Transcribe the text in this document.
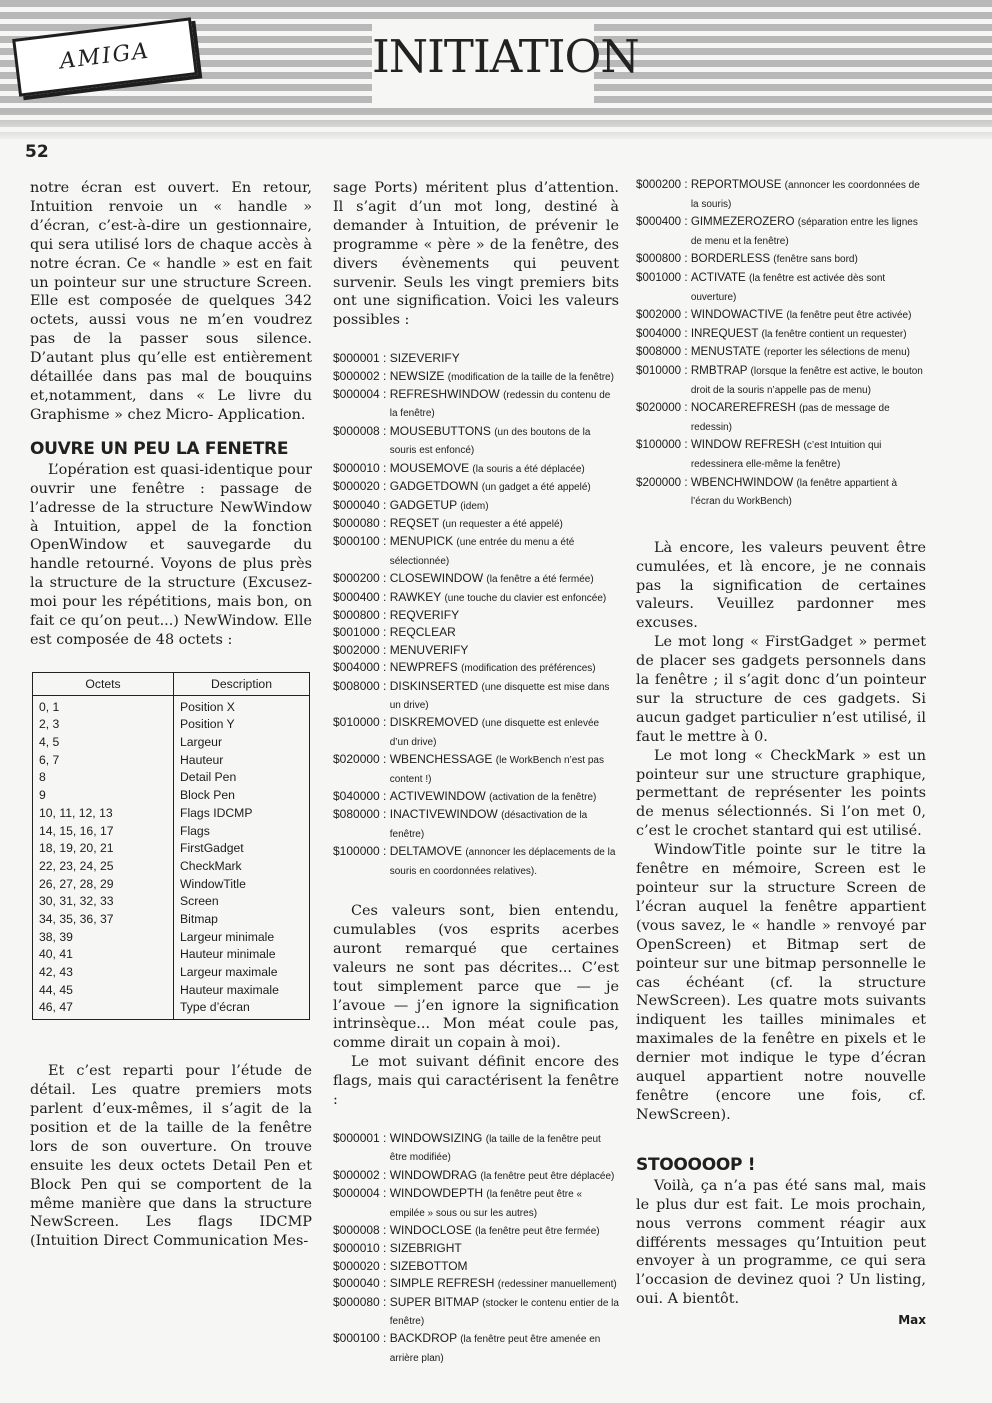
AMIGA	INITIATION
52

notre écran est ouvert. En retour, Intuition renvoie un « handle » d’écran, c’est-à-dire un gestionnaire, qui sera utilisé lors de chaque accès à notre écran. Ce « handle » est en fait un pointeur sur une structure Screen. Elle est composée de quelques 342 octets, aussi vous ne m’en voudrez pas de la passer sous silence. D’autant plus qu’elle est entièrement détaillée dans pas mal de bouquins et,notamment, dans « Le livre du Graphisme » chez Micro- Application.

OUVRE UN PEU LA FENETRE

L’opération est quasi-identique pour ouvrir une fenêtre : passage de l’adresse de la structure NewWindow à Intuition, appel de la fonction OpenWindow et sauvegarde du handle retourné. Voyons de plus près la structure de la structure (Excusez-moi pour les répétitions, mais bon, on fait ce qu’on peut...) NewWindow. Elle est composée de 48 octets :

Octets	Description
0, 1	Position X
2, 3	Position Y
4, 5	Largeur
6, 7	Hauteur
8	Detail Pen
9	Block Pen
10, 11, 12, 13	Flags IDCMP
14, 15, 16, 17	Flags
18, 19, 20, 21	FirstGadget
22, 23, 24, 25	CheckMark
26, 27, 28, 29	WindowTitle
30, 31, 32, 33	Screen
34, 35, 36, 37	Bitmap
38, 39	Largeur minimale
40, 41	Hauteur minimale
42, 43	Largeur maximale
44, 45	Hauteur maximale
46, 47	Type d’écran

Et c’est reparti pour l’étude de détail. Les quatre premiers mots parlent d’eux-mêmes, il s’agit de la position et de la taille de la fenêtre lors de son ouverture. On trouve ensuite les deux octets Detail Pen et Block Pen qui se comportent de la même manière que dans la structure NewScreen. Les flags IDCMP (Intuition Direct Communication Mes-

sage Ports) méritent plus d’attention. Il s’agit d’un mot long, destiné à demander à Intuition, de prévenir le programme « père » de la fenêtre, des divers évènements qui peuvent survenir. Seuls les vingt premiers bits ont une signification. Voici les valeurs possibles :

$000001 : SIZEVERIFY
$000002 : NEWSIZE (modification de la taille de la fenêtre)
$000004 : REFRESHWINDOW (redessin du contenu de la fenêtre)
$000008 : MOUSEBUTTONS (un des boutons de la souris est enfoncé)
$000010 : MOUSEMOVE (la souris a été déplacée)
$000020 : GADGETDOWN (un gadget a été appelé)
$000040 : GADGETUP (idem)
$000080 : REQSET (un requester a été appelé)
$000100 : MENUPICK (une entrée du menu a été sélectionnée)
$000200 : CLOSEWINDOW (la fenêtre a été fermée)
$000400 : RAWKEY (une touche du clavier est enfoncée)
$000800 : REQVERIFY
$001000 : REQCLEAR
$002000 : MENUVERIFY
$004000 : NEWPREFS (modification des préférences)
$008000 : DISKINSERTED (une disquette est mise dans un drive)
$010000 : DISKREMOVED (une disquette est enlevée d’un drive)
$020000 : WBENCHESSAGE (le WorkBench n’est pas content !)
$040000 : ACTIVEWINDOW (activation de la fenêtre)
$080000 : INACTIVEWINDOW (désactivation de la fenêtre)
$100000 : DELTAMOVE (annoncer les déplacements de la souris en coordonnées relatives).

Ces valeurs sont, bien entendu, cumulables (vos esprits acerbes auront remarqué que certaines valeurs ne sont pas décrites... C’est tout simplement parce que — je l’avoue — j’en ignore la signification intrinsèque... Mon méat coule pas, comme dirait un copain à moi).

Le mot suivant définit encore des flags, mais qui caractérisent la fenêtre :

$000001 : WINDOWSIZING (la taille de la fenêtre peut être modifiée)
$000002 : WINDOWDRAG (la fenêtre peut être déplacée)
$000004 : WINDOWDEPTH (la fenêtre peut être « empilée » sous ou sur les autres)
$000008 : WINDOCLOSE (la fenêtre peut être fermée)
$000010 : SIZEBRIGHT
$000020 : SIZEBOTTOM
$000040 : SIMPLE REFRESH (redessiner manuellement)
$000080 : SUPER BITMAP (stocker le contenu entier de la fenêtre)
$000100 : BACKDROP (la fenêtre peut être amenée en arrière plan)
$000200 : REPORTMOUSE (annoncer les coordonnées de la souris)
$000400 : GIMMEZEROZERO (séparation entre les lignes de menu et la fenêtre)
$000800 : BORDERLESS (fenêtre sans bord)
$001000 : ACTIVATE (la fenêtre est activée dès sont ouverture)
$002000 : WINDOWACTIVE (la fenêtre peut être activée)
$004000 : INREQUEST (la fenêtre contient un requester)
$008000 : MENUSTATE (reporter les sélections de menu)
$010000 : RMBTRAP (lorsque la fenêtre est active, le bouton droit de la souris n’appelle pas de menu)
$020000 : NOCAREREFRESH (pas de message de redessin)
$100000 : WINDOW REFRESH (c’est Intuition qui redessinera elle-même la fenêtre)
$200000 : WBENCHWINDOW (la fenêtre appartient à l’écran du WorkBench)

Là encore, les valeurs peuvent être cumulées, et là encore, je ne connais pas la signification de certaines valeurs. Veuillez pardonner mes excuses.

Le mot long « FirstGadget » permet de placer ses gadgets personnels dans la fenêtre ; il s’agit donc d’un pointeur sur la structure de ces gadgets. Si aucun gadget particulier n’est utilisé, il faut le mettre à 0.

Le mot long « CheckMark » est un pointeur sur une structure graphique, permettant de représenter les points de menus sélectionnés. Si l’on met 0, c’est le crochet stantard qui est utilisé.

WindowTitle pointe sur le titre la fenêtre en mémoire, Screen est le pointeur sur la structure Screen de l’écran auquel la fenêtre appartient (vous savez, le « handle » renvoyé par OpenScreen) et Bitmap sert de pointeur sur une bitmap personnelle le cas échéant (cf. la structure NewScreen). Les quatre mots suivants indiquent les tailles minimales et maximales de la fenêtre en pixels et le dernier mot indique le type d’écran auquel appartient notre nouvelle fenêtre (encore une fois, cf. NewScreen).

STOOOOOP !

Voilà, ça n’a pas été sans mal, mais le plus dur est fait. Le mois prochain, nous verrons comment réagir aux différents messages qu’Intuition peut envoyer à un programme, ce qui sera l’occasion de devinez quoi ? Un listing, oui. A bientôt.

Max
